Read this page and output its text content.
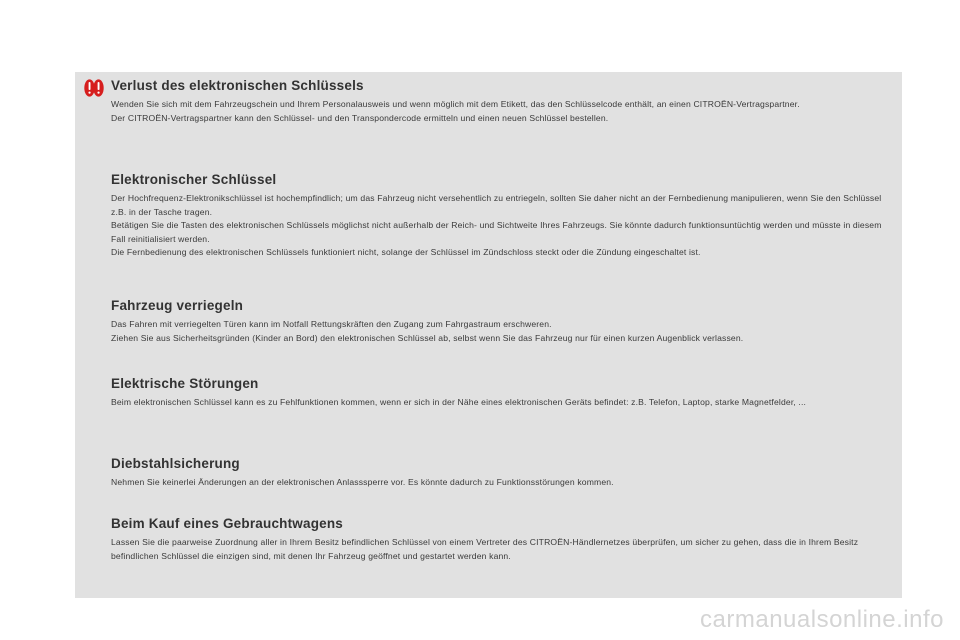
Verlust des elektronischen Schlüssels

Wenden Sie sich mit dem Fahrzeugschein und Ihrem Personalausweis und wenn möglich mit dem Etikett, das den Schlüsselcode enthält, an einen CITROËN-Vertragspartner.

Der CITROËN-Vertragspartner kann den Schlüssel- und den Transpondercode ermitteln und einen neuen Schlüssel bestellen.

Elektronischer Schlüssel

Der Hochfrequenz-Elektronikschlüssel ist hochempfindlich; um das Fahrzeug nicht versehentlich zu entriegeln, sollten Sie daher nicht an der Fernbedienung manipulieren, wenn Sie den Schlüssel z.B. in der Tasche tragen.

Betätigen Sie die Tasten des elektronischen Schlüssels möglichst nicht außerhalb der Reich- und Sichtweite Ihres Fahrzeugs. Sie könnte dadurch funktionsuntüchtig werden und müsste in diesem Fall reinitialisiert werden.

Die Fernbedienung des elektronischen Schlüssels funktioniert nicht, solange der Schlüssel im Zündschloss steckt oder die Zündung eingeschaltet ist.

Fahrzeug verriegeln

Das Fahren mit verriegelten Türen kann im Notfall Rettungskräften den Zugang zum Fahrgastraum erschweren.

Ziehen Sie aus Sicherheitsgründen (Kinder an Bord) den elektronischen Schlüssel ab, selbst wenn Sie das Fahrzeug nur für einen kurzen Augenblick verlassen.

Elektrische Störungen

Beim elektronischen Schlüssel kann es zu Fehlfunktionen kommen, wenn er sich in der Nähe eines elektronischen Geräts befindet: z.B. Telefon, Laptop, starke Magnetfelder, ...

Diebstahlsicherung

Nehmen Sie keinerlei Änderungen an der elektronischen Anlasssperre vor. Es könnte dadurch zu Funktionsstörungen kommen.

Beim Kauf eines Gebrauchtwagens

Lassen Sie die paarweise Zuordnung aller in Ihrem Besitz befindlichen Schlüssel von einem Vertreter des CITROËN-Händlernetzes überprüfen, um sicher zu gehen, dass die in Ihrem Besitz befindlichen Schlüssel die einzigen sind, mit denen Ihr Fahrzeug geöffnet und gestartet werden kann.

carmanualsonline.info
